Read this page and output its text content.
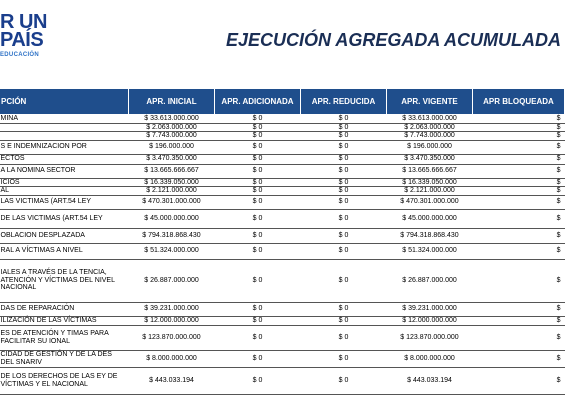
R UN
PAÍS
EDUCACIÓN
EJECUCIÓN AGREGADA ACUMULADA
PCIÓN	APR. INICIAL	APR. ADICIONADA	APR. REDUCIDA	APR. VIGENTE	APR BLOQUEADA
MINA	$ 33.613.000.000	$ 0	$ 0	$ 33.613.000.000	$
	$ 2.063.000.000	$ 0	$ 0	$ 2.063.000.000	$
	$ 7.743.000.000	$ 0	$ 0	$ 7.743.000.000	$
S E INDEMNIZACION POR	$ 196.000.000	$ 0	$ 0	$ 196.000.000	$
ECTOS	$ 3.470.350.000	$ 0	$ 0	$ 3.470.350.000	$
A LA NOMINA SECTOR	$ 13.665.666.667	$ 0	$ 0	$ 13.665.666.667	$
ICIOS	$ 16.339.050.000	$ 0	$ 0	$ 16.339.050.000	$
AL	$ 2.121.000.000	$ 0	$ 0	$ 2.121.000.000	$
LAS VICTIMAS (ART.54 LEY	$ 470.301.000.000	$ 0	$ 0	$ 470.301.000.000	$
DE LAS VICTIMAS (ART.54 LEY	$ 45.000.000.000	$ 0	$ 0	$ 45.000.000.000	$
OBLACION DESPLAZADA	$ 794.318.868.430	$ 0	$ 0	$ 794.318.868.430	$
RAL A VÍCTIMAS A NIVEL	$ 51.324.000.000	$ 0	$ 0	$ 51.324.000.000	$
IALES A TRAVÉS DE LA TENCIA, ATENCIÓN Y VÍCTIMAS DEL NIVEL NACIONAL	$ 26.887.000.000	$ 0	$ 0	$ 26.887.000.000	$
DAS DE REPARACIÓN	$ 39.231.000.000	$ 0	$ 0	$ 39.231.000.000	$
ILIZACIÓN DE LAS VÍCTIMAS	$ 12.000.000.000	$ 0	$ 0	$ 12.000.000.000	$
ES DE ATENCIÓN Y TIMAS PARA FACILITAR SU IONAL	$ 123.870.000.000	$ 0	$ 0	$ 123.870.000.000	$
CIDAD DE GESTIÓN Y DE LA DES DEL SNARIV	$ 8.000.000.000	$ 0	$ 0	$ 8.000.000.000	$
DE LOS DERECHOS DE LAS EY DE VÍCTIMAS Y EL NACIONAL	$ 443.033.194	$ 0	$ 0	$ 443.033.194	$
